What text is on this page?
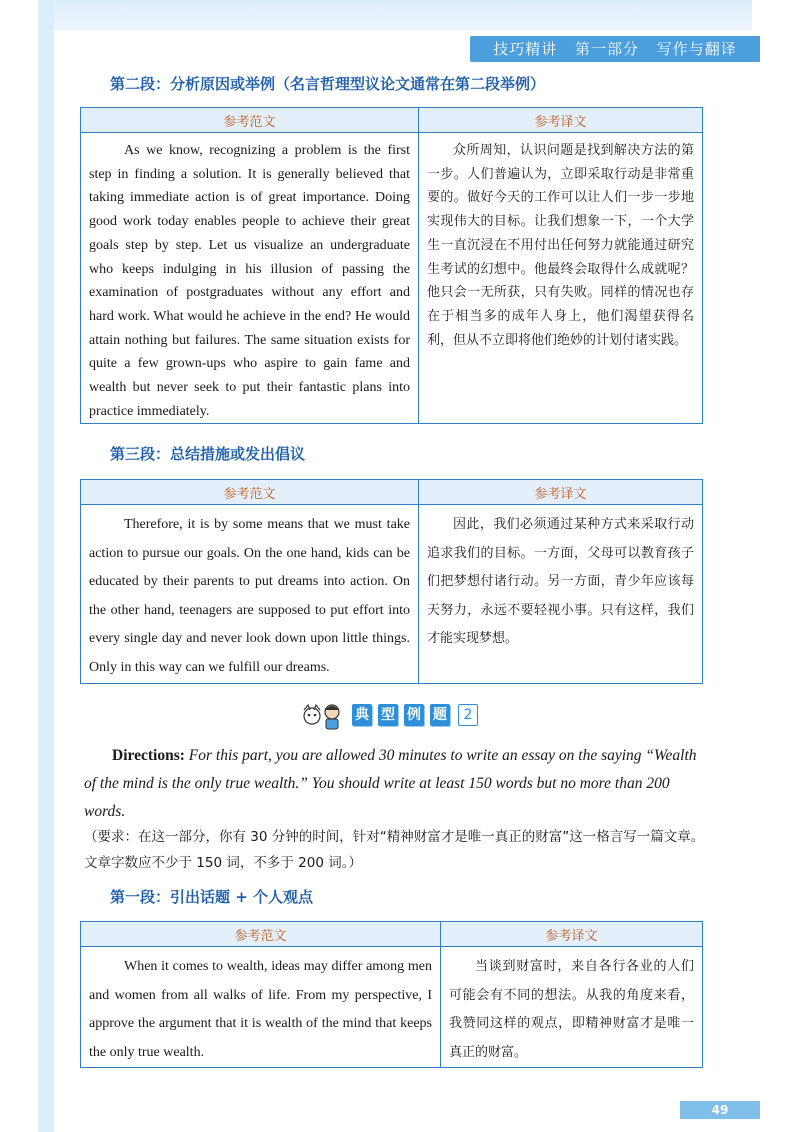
技巧精讲 第一部分 写作与翻译
第二段：分析原因或举例（名言哲理型议论文通常在第二段举例）
参考范文	参考译文

As we know, recognizing a problem is the first step in finding a solution. It is generally believed that taking immediate action is of great importance. Doing good work today enables people to achieve their great goals step by step. Let us visualize an undergraduate who keeps indulging in his illusion of passing the examination of postgraduates without any effort and hard work. What would he achieve in the end? He would attain nothing but failures. The same situation exists for quite a few grown-ups who aspire to gain fame and wealth but never seek to put their fantastic plans into practice immediately.	众所周知，认识问题是找到解决方法的第一步。人们普遍认为，立即采取行动是非常重要的。做好今天的工作可以让人们一步一步地实现伟大的目标。让我们想象一下，一个大学生一直沉浸在不用付出任何努力就能通过研究生考试的幻想中。他最终会取得什么成就呢？他只会一无所获，只有失败。同样的情况也存在于相当多的成年人身上，他们渴望获得名利，但从不立即将他们绝妙的计划付诸实践。
第三段：总结措施或发出倡议
参考范文	参考译文

Therefore, it is by some means that we must take action to pursue our goals. On the one hand, kids can be educated by their parents to put dreams into action. On the other hand, teenagers are supposed to put effort into every single day and never look down upon little things. Only in this way can we fulfill our dreams.	因此，我们必须通过某种方式来采取行动追求我们的目标。一方面，父母可以教育孩子们把梦想付诸行动。另一方面，青少年应该每天努力，永远不要轻视小事。只有这样，我们才能实现梦想。
典 型 例 题	2
Directions: For this part, you are allowed 30 minutes to write an essay on the saying “Wealth of the mind is the only true wealth.” You should write at least 150 words but no more than 200 words.
（要求：在这一部分，你有 30 分钟的时间，针对“精神财富才是唯一真正的财富”这一格言写一篇文章。文章字数应不少于 150 词，不多于 200 词。）
第一段：引出话题 + 个人观点
参考范文	参考译文

When it comes to wealth, ideas may differ among men and women from all walks of life. From my perspective, I approve the argument that it is wealth of the mind that keeps the only true wealth.	当谈到财富时，来自各行各业的人们可能会有不同的想法。从我的角度来看，我赞同这样的观点，即精神财富才是唯一真正的财富。
49
